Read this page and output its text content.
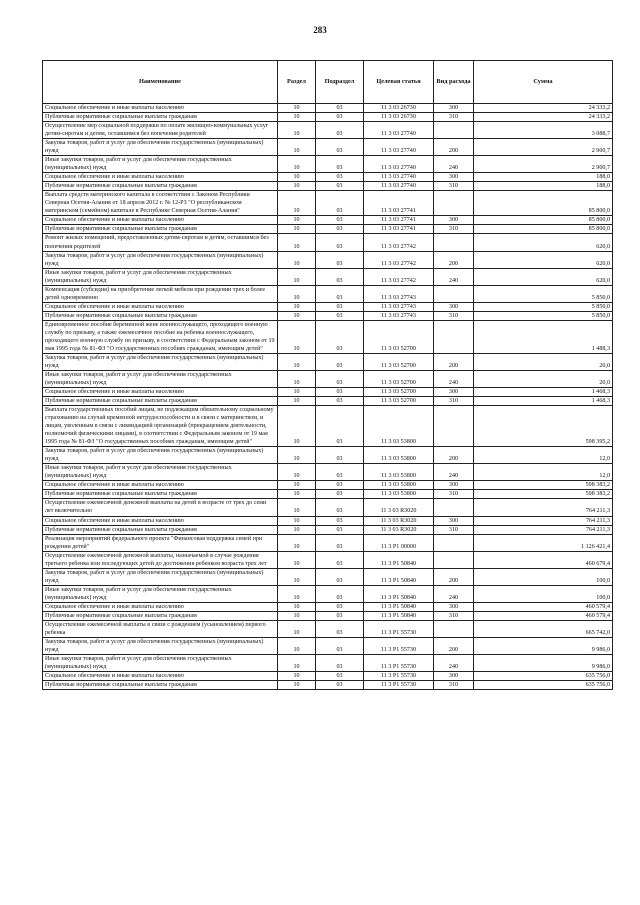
283
Наименование	Раздел	Подраздел	Целевая статья	Вид расхода	Сумма
Социальное обеспечение и иные выплаты населению	10	03	11 3 03 26730	300	24 333,2
Публичные нормативные социальные выплаты гражданам	10	03	11 3 03 26730	310	24 333,2
Осуществление мер социальной поддержки по оплате жилищно-коммунальных услуг детям-сиротам и детям, оставшимся без попечения родителей	10	03	11 3 03 27740		3 088,7
Закупка товаров, работ и услуг для обеспечения государственных (муниципальных) нужд	10	03	11 3 03 27740	200	2 900,7
Иные закупки товаров, работ и услуг для обеспечения государственных (муниципальных) нужд	10	03	11 3 03 27740	240	2 900,7
Социальное обеспечение и иные выплаты населению	10	03	11 3 03 27740	300	188,0
Публичные нормативные социальные выплаты гражданам	10	03	11 3 03 27740	310	188,0
Выплата средств материнского капитала в соответствии с Законом Республики Северная Осетия-Алания от 18 апреля 2012 г. № 12-РЗ "О республиканском материнском (семейном) капитале в Республике Северная Осетия-Алания"	10	03	11 3 03 27741		85 800,0
Социальное обеспечение и иные выплаты населению	10	03	11 3 03 27741	300	85 800,0
Публичные нормативные социальные выплаты гражданам	10	03	11 3 03 27741	310	85 800,0
Ремонт жилых помещений, предоставленных детям-сиротам и детям, оставшимся без попечения родителей	10	03	11 3 03 27742		620,0
Закупка товаров, работ и услуг для обеспечения государственных (муниципальных) нужд	10	03	11 3 03 27742	200	620,0
Иные закупки товаров, работ и услуг для обеспечения государственных (муниципальных) нужд	10	03	11 3 03 27742	240	620,0
Компенсация (субсидия) на приобретение легкой мебели при рождении трех и более детей одновременно	10	03	11 3 03 27743		5 850,0
Социальное обеспечение и иные выплаты населению	10	03	11 3 03 27743	300	5 850,0
Публичные нормативные социальные выплаты гражданам	10	03	11 3 03 27743	310	5 850,0
Единовременное пособие беременной жене военнослужащего, проходящего военную службу по призыву, а также ежемесячное пособие на ребенка военнослужащего, проходящего военную службу по призыву, в соответствии с Федеральным законом от 19 мая 1995 года № 81-ФЗ "О государственных пособиях гражданам, имеющим детей"	10	03	11 3 03 52700		1 488,3
Закупка товаров, работ и услуг для обеспечения государственных (муниципальных) нужд	10	03	11 3 03 52700	200	20,0
Иные закупки товаров, работ и услуг для обеспечения государственных (муниципальных) нужд	10	03	11 3 03 52700	240	20,0
Социальное обеспечение и иные выплаты населению	10	03	11 3 03 52700	300	1 468,3
Публичные нормативные социальные выплаты гражданам	10	03	11 3 03 52700	310	1 468,3
Выплата государственных пособий лицам, не подлежащим обязательному социальному страхованию на случай временной нетрудоспособности и в связи с материнством, и лицам, уволенным в связи с ликвидацией организаций (прекращением деятельности, полномочий физическими лицами), в соответствии с Федеральным законом от 19 мая 1995 года № 81-ФЗ "О государственных пособиях гражданам, имеющим детей"	10	03	11 3 03 53800		598 395,2
Закупка товаров, работ и услуг для обеспечения государственных (муниципальных) нужд	10	03	11 3 03 53800	200	12,0
Иные закупки товаров, работ и услуг для обеспечения государственных (муниципальных) нужд	10	03	11 3 03 53800	240	12,0
Социальное обеспечение и иные выплаты населению	10	03	11 3 03 53800	300	598 383,2
Публичные нормативные социальные выплаты гражданам	10	03	11 3 03 53800	310	598 383,2
Осуществление ежемесячной денежной выплаты на детей в возрасте от трех до семи лет включительно	10	03	11 3 03 R3020		764 211,3
Социальное обеспечение и иные выплаты населению	10	03	11 3 03 R3020	300	764 211,3
Публичные нормативные социальные выплаты гражданам	10	03	11 3 03 R3020	310	764 211,3
Реализация мероприятий федерального проекта "Финансовая поддержка семей при рождении детей"	10	03	11 3 P1 00000		1 126 421,4
Осуществление ежемесячной денежной выплаты, назначаемой в случае рождения третьего ребенка или последующих детей до достижения ребенком возраста трех лет	10	03	11 3 P1 50840		460 679,4
Закупка товаров, работ и услуг для обеспечения государственных (муниципальных) нужд	10	03	11 3 P1 50840	200	100,0
Иные закупки товаров, работ и услуг для обеспечения государственных (муниципальных) нужд	10	03	11 3 P1 50840	240	100,0
Социальное обеспечение и иные выплаты населению	10	03	11 3 P1 50840	300	460 579,4
Публичные нормативные социальные выплаты гражданам	10	03	11 3 P1 50840	310	460 579,4
Осуществление ежемесячной выплаты в связи с рождением (усыновлением) первого ребенка	10	03	11 3 P1 55730		665 742,0
Закупка товаров, работ и услуг для обеспечения государственных (муниципальных) нужд	10	03	11 3 P1 55730	200	9 986,0
Иные закупки товаров, работ и услуг для обеспечения государственных (муниципальных) нужд	10	03	11 3 P1 55730	240	9 986,0
Социальное обеспечение и иные выплаты населению	10	03	11 3 P1 55730	300	635 756,0
Публичные нормативные социальные выплаты гражданам	10	03	11 3 P1 55730	310	635 756,0
